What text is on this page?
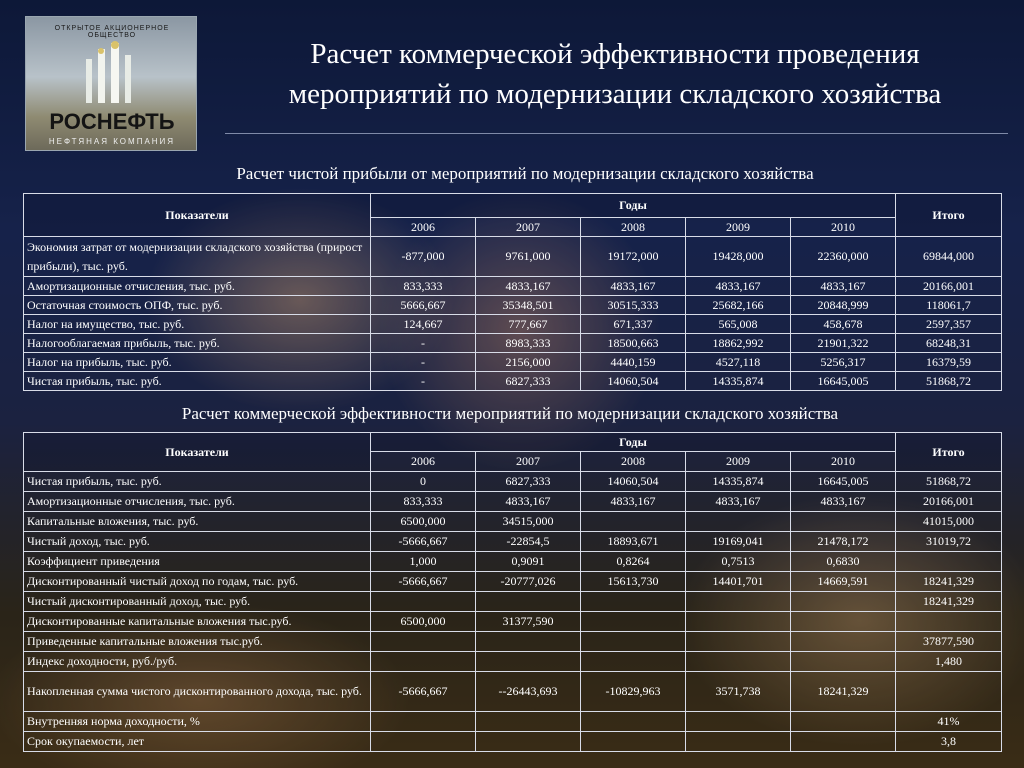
ОТКРЫТОЕ АКЦИОНЕРНОЕ ОБЩЕСТВО
РОСНЕФТЬ
НЕФТЯНАЯ КОМПАНИЯ
Расчет коммерческой эффективности проведения
мероприятий по модернизации складского хозяйства
Расчет чистой прибыли от мероприятий по модернизации складского хозяйства
Показатели	Годы					Итого
	2006	2007	2008	2009	2010	
Экономия затрат от модернизации складского хозяйства (прирост прибыли), тыс. руб.	-877,000	9761,000	19172,000	19428,000	22360,000	69844,000
Амортизационные отчисления, тыс. руб.	833,333	4833,167	4833,167	4833,167	4833,167	20166,001
Остаточная стоимость ОПФ, тыс. руб.	5666,667	35348,501	30515,333	25682,166	20848,999	118061,7
Налог на имущество, тыс. руб.	124,667	777,667	671,337	565,008	458,678	2597,357
Налогооблагаемая прибыль, тыс. руб.	-	8983,333	18500,663	18862,992	21901,322	68248,31
Налог на прибыль, тыс. руб.	-	2156,000	4440,159	4527,118	5256,317	16379,59
Чистая прибыль, тыс. руб.	-	6827,333	14060,504	14335,874	16645,005	51868,72
Расчет коммерческой эффективности мероприятий по модернизации складского хозяйства
Показатели	Годы					Итого
	2006	2007	2008	2009	2010	
Чистая прибыль, тыс. руб.	0	6827,333	14060,504	14335,874	16645,005	51868,72
Амортизационные отчисления, тыс. руб.	833,333	4833,167	4833,167	4833,167	4833,167	20166,001
Капитальные вложения, тыс. руб.	6500,000	34515,000				41015,000
Чистый доход, тыс. руб.	-5666,667	-22854,5	18893,671	19169,041	21478,172	31019,72
Коэффициент приведения	1,000	0,9091	0,8264	0,7513	0,6830	
Дисконтированный чистый доход по годам, тыс. руб.	-5666,667	-20777,026	15613,730	14401,701	14669,591	18241,329
Чистый дисконтированный доход, тыс. руб.						18241,329
Дисконтированные капитальные вложения тыс.руб.	6500,000	31377,590				
Приведенные капитальные вложения тыс.руб.						37877,590
Индекс доходности, руб./руб.						1,480
Накопленная сумма чистого дисконтированного дохода, тыс. руб.	-5666,667	--26443,693	-10829,963	3571,738	18241,329	
Внутренняя норма доходности, %						41%
Срок окупаемости, лет						3,8
